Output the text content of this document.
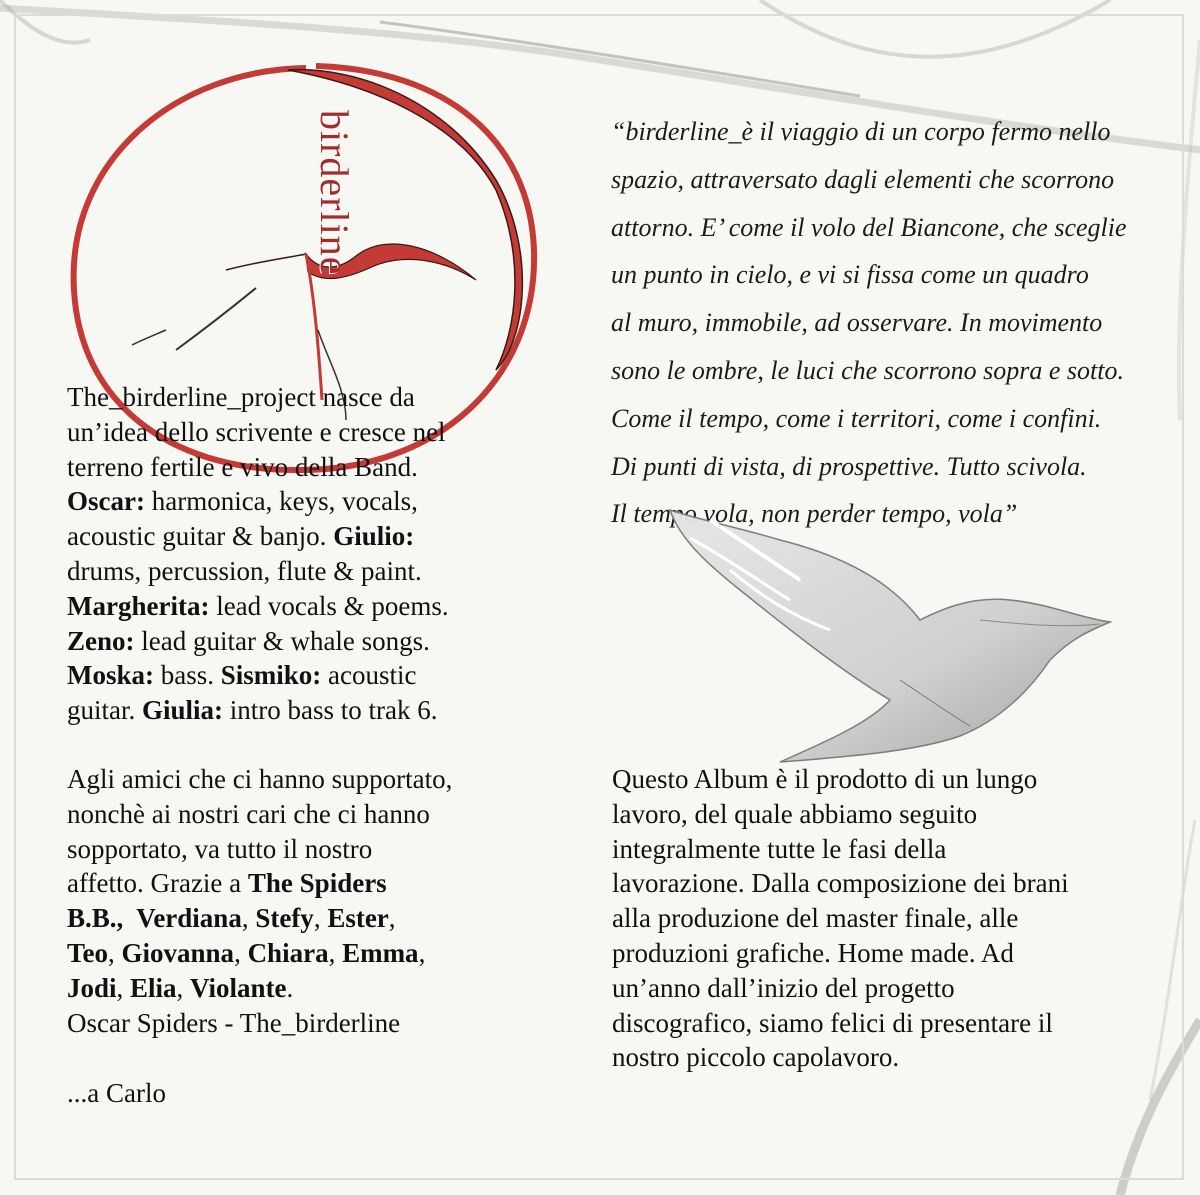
birderline	“birderline_è il viaggio di un corpo fermo nello

spazio, attraversato dagli elementi che scorrono

attorno. E’ come il volo del Biancone, che sceglie

un punto in cielo, e vi si fissa come un quadro

al muro, immobile, ad osservare. In movimento

sono le ombre, le luci che scorrono sopra e sotto.

Come il tempo, come i territori, come i confini.

Di punti di vista, di prospettive. Tutto scivola.

Il tempo vola, non perder tempo, vola”

The_birderline_project nasce da

un’idea dello scrivente e cresce nel

terreno fertile e vivo della Band.

Oscar: harmonica, keys, vocals,

acoustic guitar & banjo. Giulio:

drums, percussion, flute & paint.

Margherita: lead vocals & poems.

Zeno: lead guitar & whale songs.

Moska: bass. Sismiko: acoustic

guitar. Giulia: intro bass to trak 6.

Agli amici che ci hanno supportato,

nonchè ai nostri cari che ci hanno

sopportato, va tutto il nostro

affetto. Grazie a The Spiders

B.B.,  Verdiana, Stefy, Ester,

Teo, Giovanna, Chiara, Emma,

Jodi, Elia, Violante.

Oscar Spiders - The_birderline

...a Carlo

Questo Album è il prodotto di un lungo

lavoro, del quale abbiamo seguito

integralmente tutte le fasi della

lavorazione. Dalla composizione dei brani

alla produzione del master finale, alle

produzioni grafiche. Home made. Ad

un’anno dall’inizio del progetto

discografico, siamo felici di presentare il

nostro piccolo capolavoro.
